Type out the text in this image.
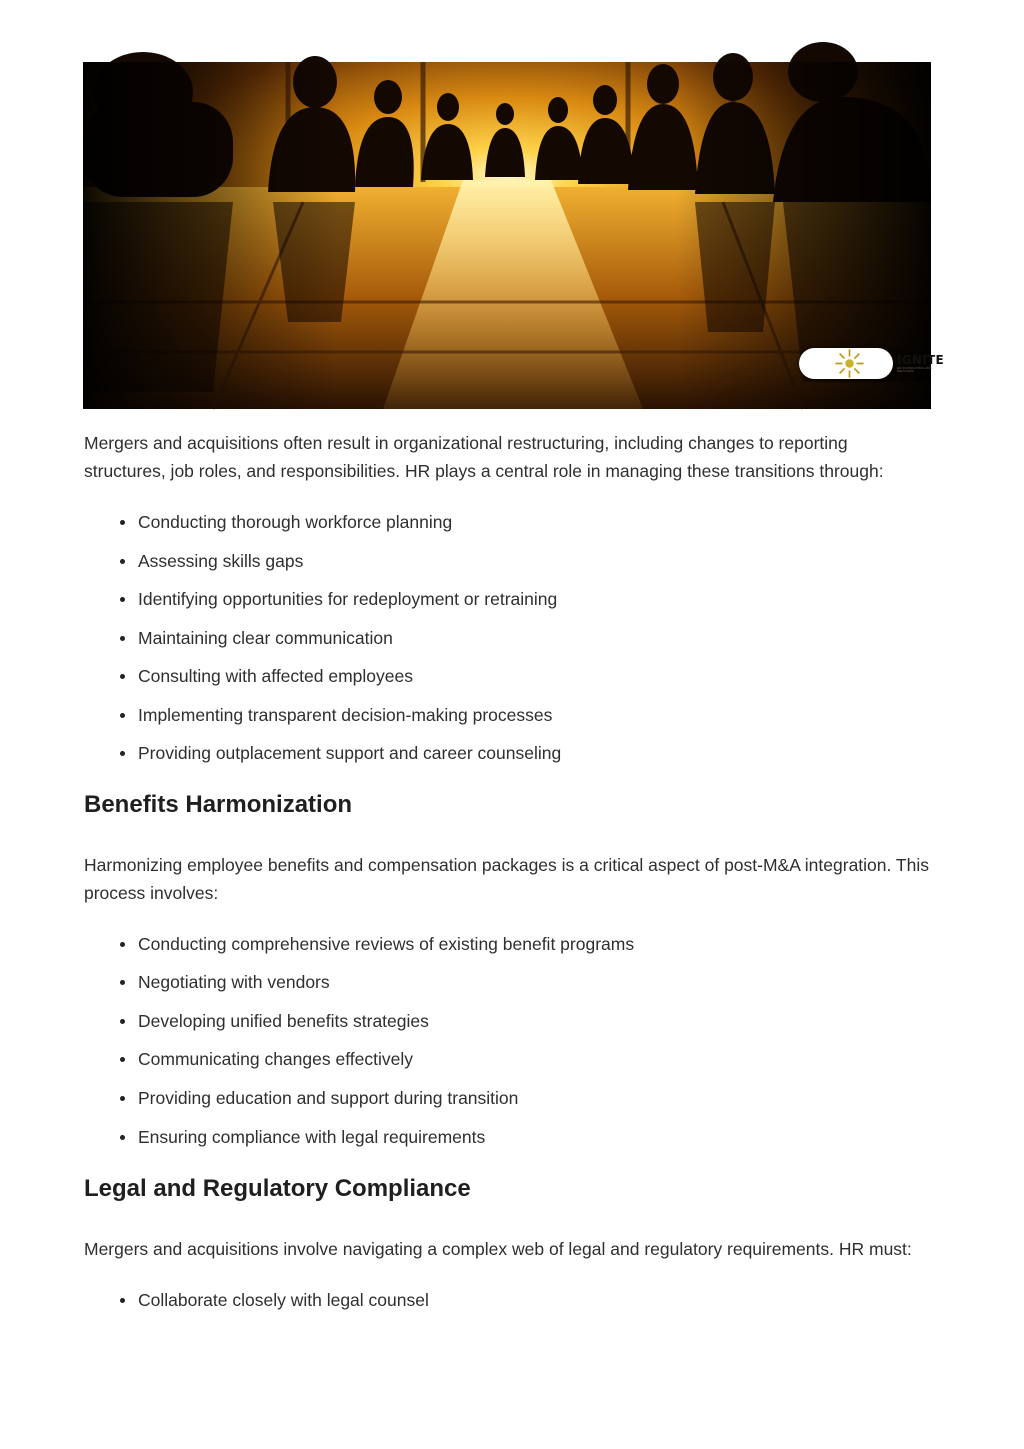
IGNITE
HR CONSULTING AND SERVICES

Mergers and acquisitions often result in organizational restructuring, including changes to reporting structures, job roles, and responsibilities. HR plays a central role in managing these transitions through:

Conducting thorough workforce planning
Assessing skills gaps
Identifying opportunities for redeployment or retraining
Maintaining clear communication
Consulting with affected employees
Implementing transparent decision-making processes
Providing outplacement support and career counseling
Benefits Harmonization

Harmonizing employee benefits and compensation packages is a critical aspect of post-M&A integration. This process involves:

Conducting comprehensive reviews of existing benefit programs
Negotiating with vendors
Developing unified benefits strategies
Communicating changes effectively
Providing education and support during transition
Ensuring compliance with legal requirements
Legal and Regulatory Compliance

Mergers and acquisitions involve navigating a complex web of legal and regulatory requirements. HR must:

Collaborate closely with legal counsel
